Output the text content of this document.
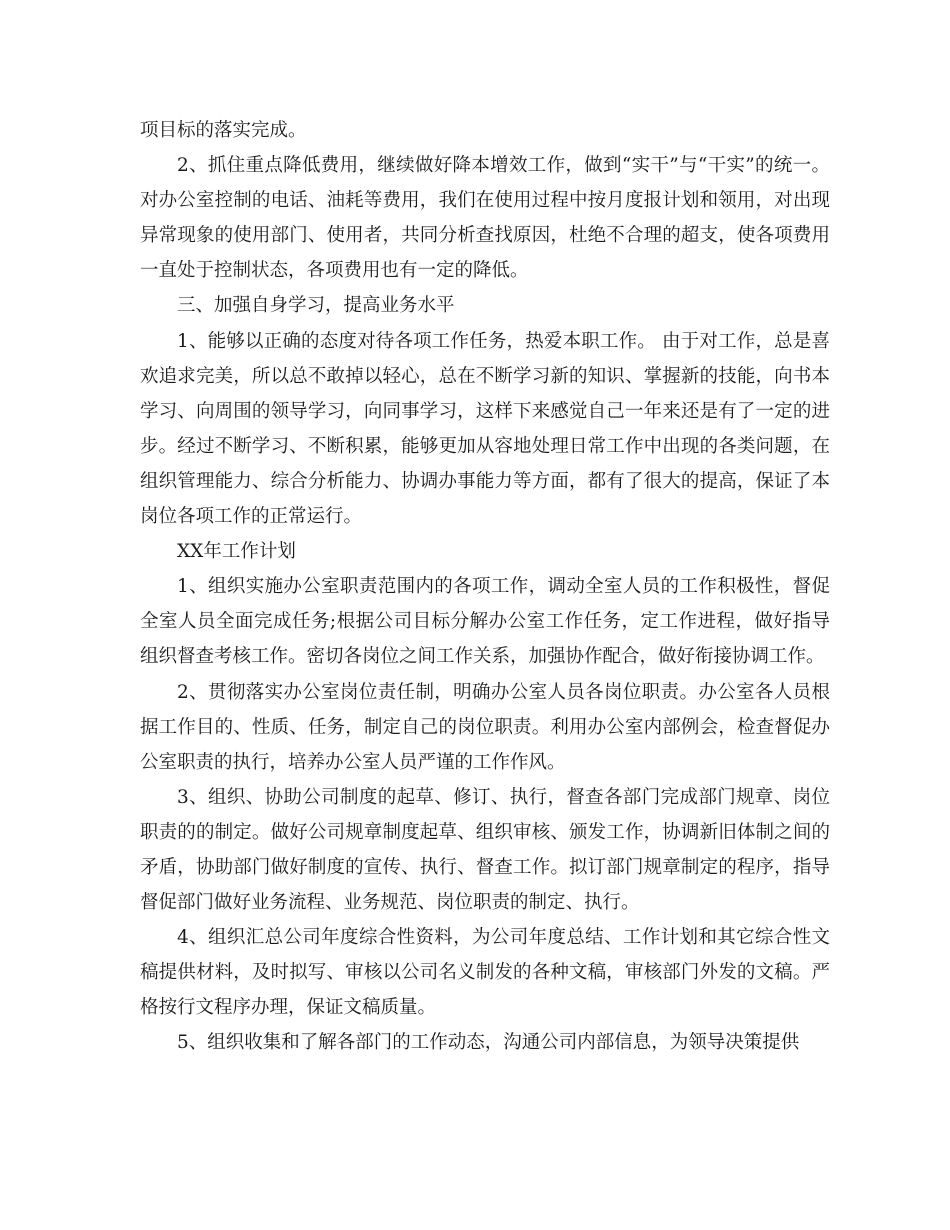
项目标的落实完成。

2、抓住重点降低费用，继续做好降本增效工作，做到“实干”与“干实”的统一。对办公室控制的电话、油耗等费用，我们在使用过程中按月度报计划和领用，对出现异常现象的使用部门、使用者，共同分析查找原因，杜绝不合理的超支，使各项费用一直处于控制状态，各项费用也有一定的降低。

三、加强自身学习，提高业务水平

1、能够以正确的态度对待各项工作任务，热爱本职工作。 由于对工作，总是喜欢追求完美，所以总不敢掉以轻心，总在不断学习新的知识、掌握新的技能，向书本学习、向周围的领导学习，向同事学习，这样下来感觉自己一年来还是有了一定的进步。经过不断学习、不断积累，能够更加从容地处理日常工作中出现的各类问题，在组织管理能力、综合分析能力、协调办事能力等方面，都有了很大的提高，保证了本岗位各项工作的正常运行。

XX年工作计划

1、组织实施办公室职责范围内的各项工作，调动全室人员的工作积极性，督促全室人员全面完成任务;根据公司目标分解办公室工作任务，定工作进程，做好指导组织督查考核工作。密切各岗位之间工作关系，加强协作配合，做好衔接协调工作。

2、贯彻落实办公室岗位责任制，明确办公室人员各岗位职责。办公室各人员根据工作目的、性质、任务，制定自己的岗位职责。利用办公室内部例会，检查督促办公室职责的执行，培养办公室人员严谨的工作作风。

3、组织、协助公司制度的起草、修订、执行，督查各部门完成部门规章、岗位职责的的制定。做好公司规章制度起草、组织审核、颁发工作，协调新旧体制之间的矛盾，协助部门做好制度的宣传、执行、督查工作。拟订部门规章制定的程序，指导督促部门做好业务流程、业务规范、岗位职责的制定、执行。

4、组织汇总公司年度综合性资料，为公司年度总结、工作计划和其它综合性文稿提供材料，及时拟写、审核以公司名义制发的各种文稿，审核部门外发的文稿。严格按行文程序办理，保证文稿质量。

5、组织收集和了解各部门的工作动态，沟通公司内部信息，为领导决策提供
